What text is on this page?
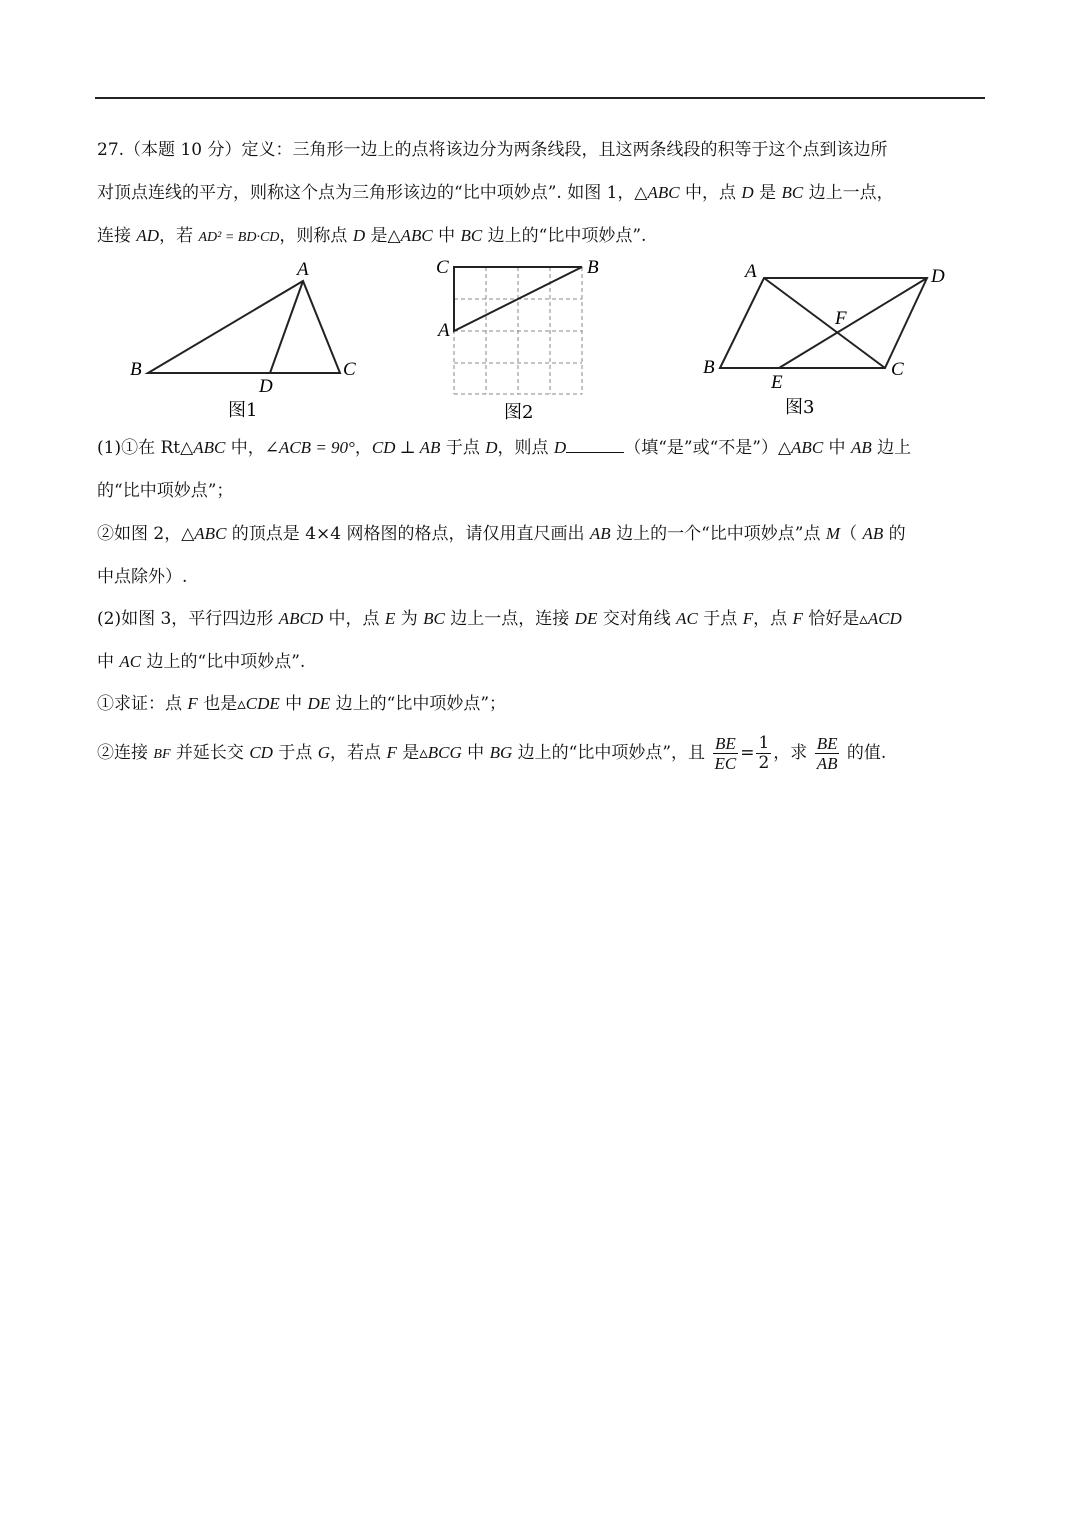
27.（本题 10 分）定义：三角形一边上的点将该边分为两条线段，且这两条线段的积等于这个点到该边所
对顶点连线的平方，则称这个点为三角形该边的“比中项妙点”. 如图 1，△ABC 中，点 D 是 BC 边上一点，
连接 AD，若 AD² = BD·CD，则称点 D 是△ABC 中 BC 边上的“比中项妙点”.
A
B	C
D
图1
C	B
A
图2
A	D
F
B	C
E
图3
(1)①在 Rt△ABC 中，∠ACB = 90°，CD ⊥ AB 于点 D，则点 D	（填“是”或“不是”）△ABC 中 AB 边上
的“比中项妙点”；
②如图 2，△ABC 的顶点是 4×4 网格图的格点，请仅用直尺画出 AB 边上的一个“比中项妙点”点 M（ AB 的
中点除外）.
(2)如图 3，平行四边形 ABCD 中，点 E 为 BC 边上一点，连接 DE 交对角线 AC 于点 F，点 F 恰好是▵ACD
中 AC 边上的“比中项妙点”.
①求证：点 F 也是▵CDE 中 DE 边上的“比中项妙点”；
②连接 BF 并延长交 CD 于点 G，若点 F 是▵BCG 中 BG 边上的“比中项妙点”，且 $\frac{BE}{EC} = \frac{1}{2}$ ，求 $\frac{BE}{AB}$ 的值.
